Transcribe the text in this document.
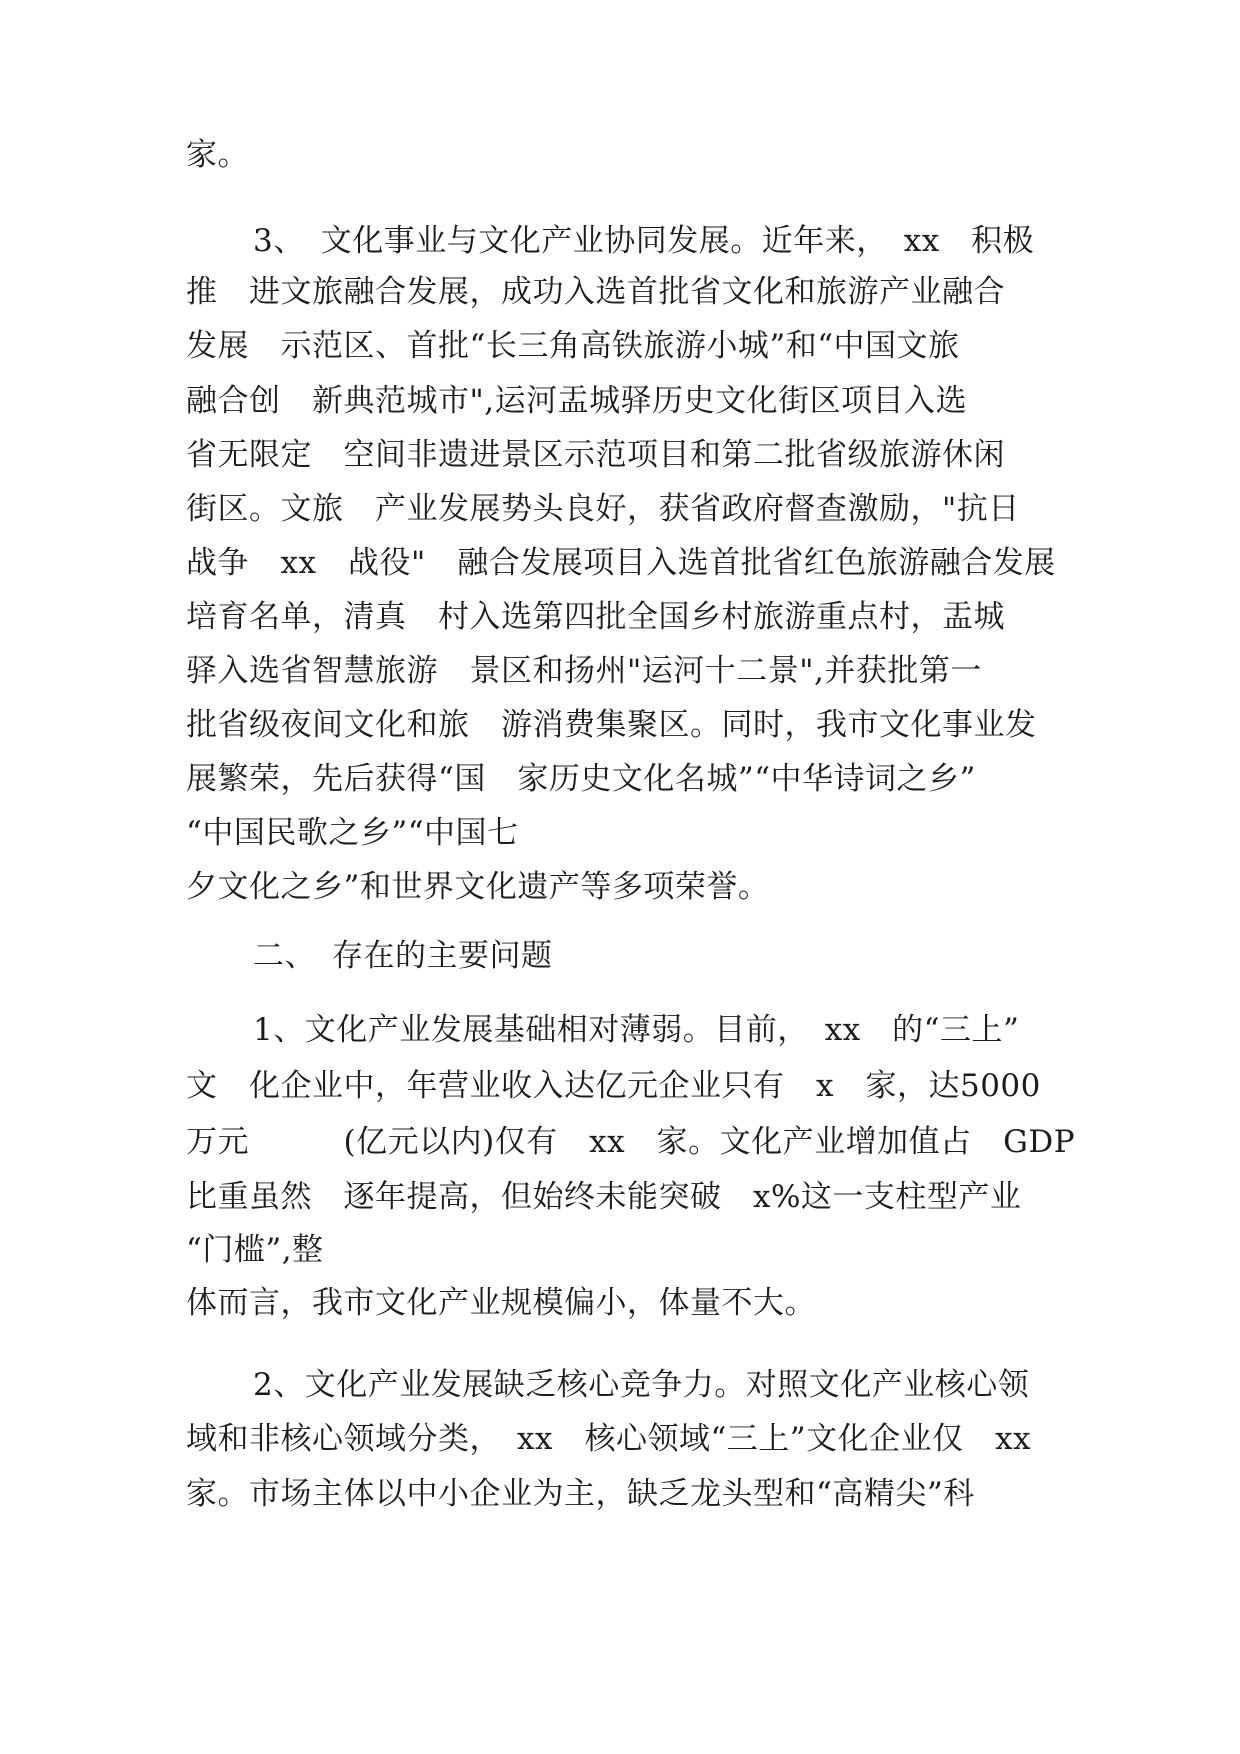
家。
3、　文化事业与文化产业协同发展。近年来，　xx　积极
推　进文旅融合发展，成功入选首批省文化和旅游产业融合
发展　示范区、首批“长三角高铁旅游小城”和“中国文旅
融合创　新典范城市",运河盂城驿历史文化街区项目入选
省无限定　空间非遗进景区示范项目和第二批省级旅游休闲
街区。文旅　产业发展势头良好，获省政府督查激励，"抗日
战争　xx　战役"　融合发展项目入选首批省红色旅游融合发展
培育名单，清真　村入选第四批全国乡村旅游重点村，盂城
驿入选省智慧旅游　景区和扬州"运河十二景",并获批第一
批省级夜间文化和旅　游消费集聚区。同时，我市文化事业发
展繁荣，先后获得“国　家历史文化名城”“中华诗词之乡”
“中国民歌之乡”“中国七
夕文化之乡”和世界文化遗产等多项荣誉。
二、　存在的主要问题
1、文化产业发展基础相对薄弱。目前，　xx　的“三上”
文　化企业中，年营业收入达亿元企业只有　x　家，达5000
万元　　　(亿元以内)仅有　xx　家。文化产业增加值占　GDP
比重虽然　逐年提高，但始终未能突破　x%这一支柱型产业
“门槛”,整
体而言，我市文化产业规模偏小，体量不大。
2、文化产业发展缺乏核心竞争力。对照文化产业核心领
域和非核心领域分类，　xx　核心领域“三上”文化企业仅　xx
家。市场主体以中小企业为主，缺乏龙头型和“高精尖”科
